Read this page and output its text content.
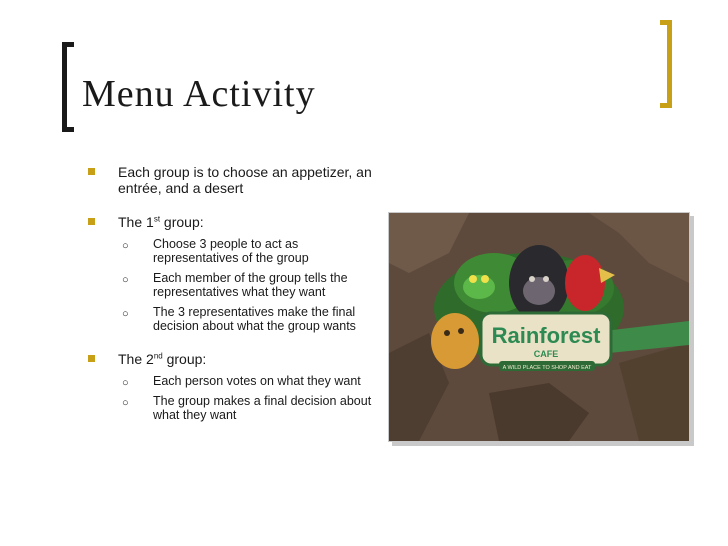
Menu Activity
Each group is to choose an appetizer, an entrée, and a desert
The 1st group:
○ Choose 3 people to act as representatives of the group
○ Each member of the group tells the representatives what they want
○ The 3 representatives make the final decision about what the group wants
The 2nd group:
○ Each person votes on what they want
○ The group makes a final decision about what they want
Rainforest
CAFE
A WILD PLACE TO SHOP AND EAT
